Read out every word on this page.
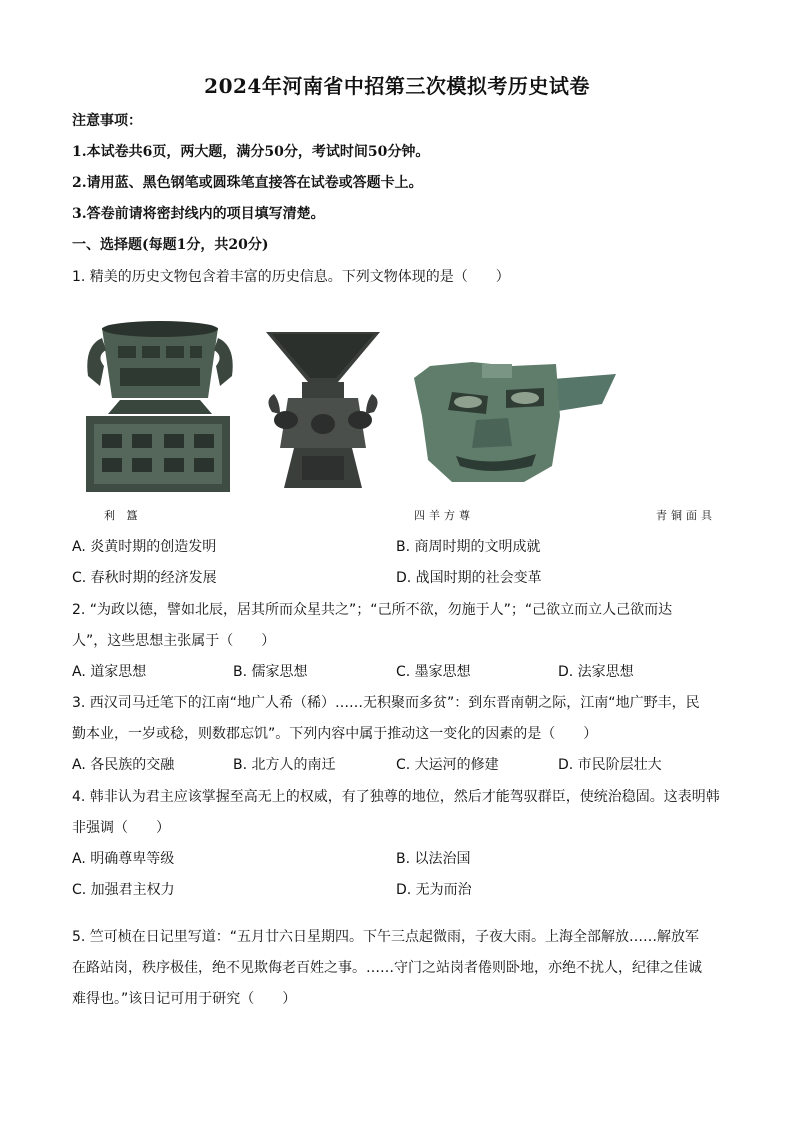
2024年河南省中招第三次模拟考历史试卷
注意事项：
1.本试卷共6页，两大题，满分50分，考试时间50分钟。
2.请用蓝、黑色钢笔或圆珠笔直接答在试卷或答题卡上。
3.答卷前请将密封线内的项目填写清楚。
一、选择题(每题1分，共20分)
1. 精美的历史文物包含着丰富的历史信息。下列文物体现的是（　　）
利 簋	四羊方尊	青铜面具
A. 炎黄时期的创造发明	B. 商周时期的文明成就
C. 春秋时期的经济发展	D. 战国时期的社会变革
2. “为政以德，譬如北辰，居其所而众星共之”；“己所不欲，勿施于人”；“己欲立而立人己欲而达
人”，这些思想主张属于（　　）
A. 道家思想	B. 儒家思想	C. 墨家思想	D. 法家思想
3. 西汉司马迁笔下的江南“地广人希（稀）……无积聚而多贫”：到东晋南朝之际，江南“地广野丰，民
勤本业，一岁或稔，则数郡忘饥”。下列内容中属于推动这一变化的因素的是（　　）
A. 各民族的交融	B. 北方人的南迁	C. 大运河的修建	D. 市民阶层壮大
4. 韩非认为君主应该掌握至高无上的权威，有了独尊的地位，然后才能驾驭群臣，使统治稳固。这表明韩
非强调（　　）
A. 明确尊卑等级	B. 以法治国
C. 加强君主权力	D. 无为而治
5. 竺可桢在日记里写道：“五月廿六日星期四。下午三点起微雨，子夜大雨。上海全部解放……解放军
在路站岗，秩序极佳，绝不见欺侮老百姓之事。……守门之站岗者倦则卧地，亦绝不扰人，纪律之佳诚
难得也。”该日记可用于研究（　　）
